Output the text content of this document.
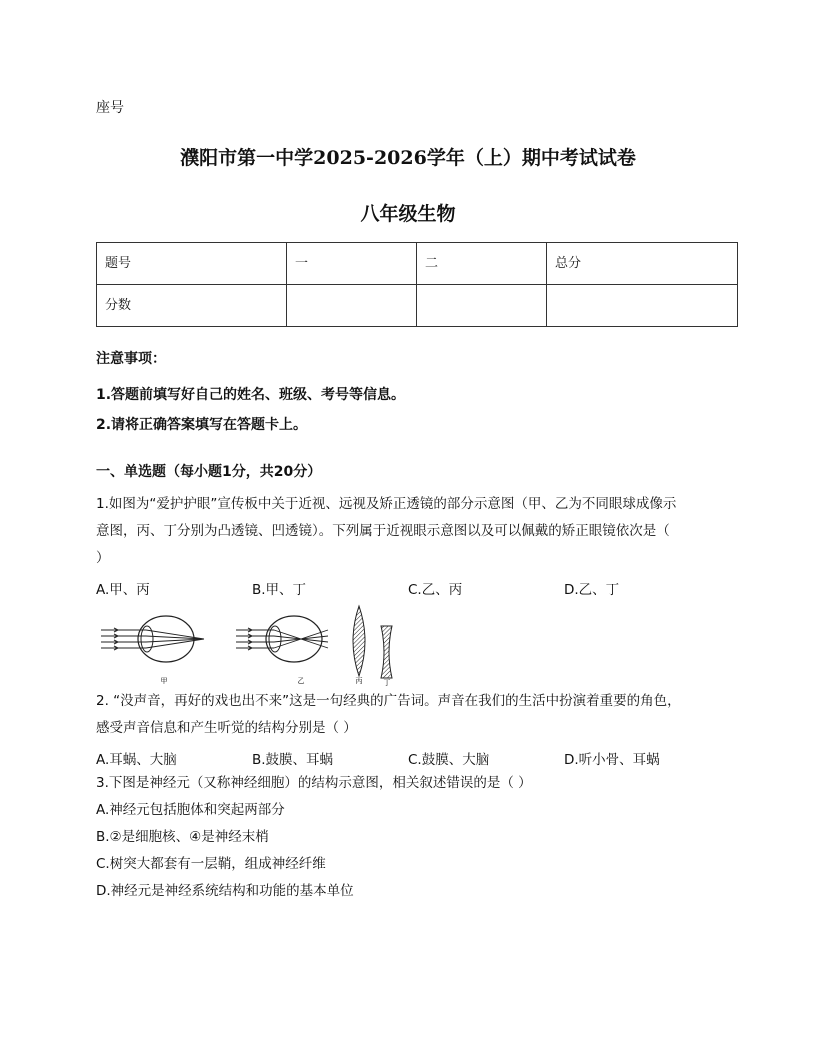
座号
濮阳市第一中学2025-2026学年（上）期中考试试卷
八年级生物
题号	一	二	总分
分数			
注意事项：
1.答题前填写好自己的姓名、班级、考号等信息。
2.请将正确答案填写在答题卡上。
一、单选题（每小题1分，共20分）
1.如图为“爱护护眼”宣传板中关于近视、远视及矫正透镜的部分示意图（甲、乙为不同眼球成像示
意图，丙、丁分别为凸透镜、凹透镜）。下列属于近视眼示意图以及可以佩戴的矫正眼镜依次是（
）
A.甲、丙	B.甲、丁	C.乙、丙	D.乙、丁
甲	乙	丙	丁
2. “没声音，再好的戏也出不来”这是一句经典的广告词。声音在我们的生活中扮演着重要的角色，
感受声音信息和产生听觉的结构分别是（ ）
A.耳蜗、大脑	B.鼓膜、耳蜗	C.鼓膜、大脑	D.听小骨、耳蜗
3.下图是神经元（又称神经细胞）的结构示意图，相关叙述错误的是（ ）
A.神经元包括胞体和突起两部分
B.②是细胞核、④是神经末梢
C.树突大都套有一层鞘，组成神经纤维
D.神经元是神经系统结构和功能的基本单位
